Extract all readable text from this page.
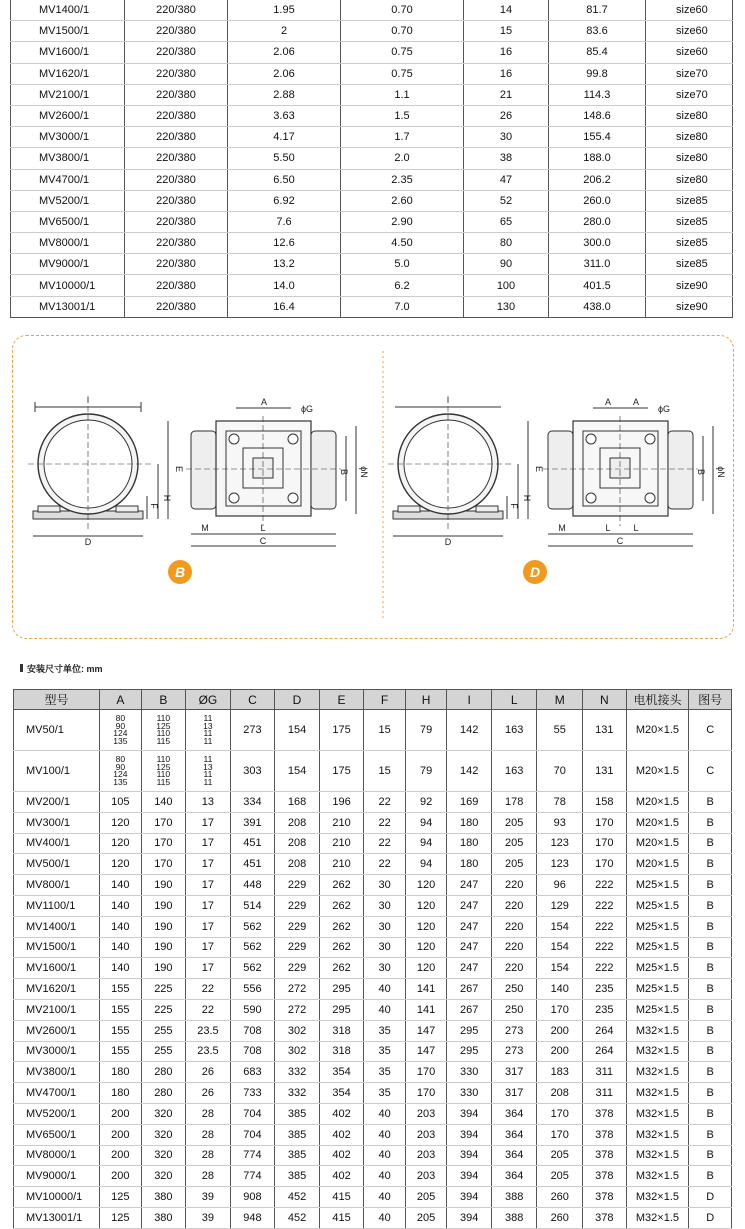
MV1400/1	220/380	1.95	0.70	14	81.7	size60
MV1500/1	220/380	2	0.70	15	83.6	size60
MV1600/1	220/380	2.06	0.75	16	85.4	size60
MV1620/1	220/380	2.06	0.75	16	99.8	size70
MV2100/1	220/380	2.88	1.1	21	114.3	size70
MV2600/1	220/380	3.63	1.5	26	148.6	size80
MV3000/1	220/380	4.17	1.7	30	155.4	size80
MV3800/1	220/380	5.50	2.0	38	188.0	size80
MV4700/1	220/380	6.50	2.35	47	206.2	size80
MV5200/1	220/380	6.92	2.60	52	260.0	size85
MV6500/1	220/380	7.6	2.90	65	280.0	size85
MV8000/1	220/380	12.6	4.50	80	300.0	size85
MV9000/1	220/380	13.2	5.0	90	311.0	size85
MV10000/1	220/380	14.0	6.2	100	401.5	size90
MV13001/1	220/380	16.4	7.0	130	438.0	size90
I
E
H
F
D
A
ϕG
B ϕN
M	L
C
B
I
E
H
F
D
A A
ϕG
B ϕN
M	L	L
C
D
安装尺寸单位: mm
型号	A	B	ØG	C	D	E	F	H	I	L	M	N	电机接头	图号
MV50/1	80
90
124
135	110
125
110
115	11
13
11
11	273	154	175	15	79	142	163	55	131	M20×1.5	C
MV100/1	80
90
124
135	110
125
110
115	11
13
11
11	303	154	175	15	79	142	163	70	131	M20×1.5	C
MV200/1	105	140	13	334	168	196	22	92	169	178	78	158	M20×1.5	B
MV300/1	120	170	17	391	208	210	22	94	180	205	93	170	M20×1.5	B
MV400/1	120	170	17	451	208	210	22	94	180	205	123	170	M20×1.5	B
MV500/1	120	170	17	451	208	210	22	94	180	205	123	170	M20×1.5	B
MV800/1	140	190	17	448	229	262	30	120	247	220	96	222	M25×1.5	B
MV1100/1	140	190	17	514	229	262	30	120	247	220	129	222	M25×1.5	B
MV1400/1	140	190	17	562	229	262	30	120	247	220	154	222	M25×1.5	B
MV1500/1	140	190	17	562	229	262	30	120	247	220	154	222	M25×1.5	B
MV1600/1	140	190	17	562	229	262	30	120	247	220	154	222	M25×1.5	B
MV1620/1	155	225	22	556	272	295	40	141	267	250	140	235	M25×1.5	B
MV2100/1	155	225	22	590	272	295	40	141	267	250	170	235	M25×1.5	B
MV2600/1	155	255	23.5	708	302	318	35	147	295	273	200	264	M32×1.5	B
MV3000/1	155	255	23.5	708	302	318	35	147	295	273	200	264	M32×1.5	B
MV3800/1	180	280	26	683	332	354	35	170	330	317	183	311	M32×1.5	B
MV4700/1	180	280	26	733	332	354	35	170	330	317	208	311	M32×1.5	B
MV5200/1	200	320	28	704	385	402	40	203	394	364	170	378	M32×1.5	B
MV6500/1	200	320	28	704	385	402	40	203	394	364	170	378	M32×1.5	B
MV8000/1	200	320	28	774	385	402	40	203	394	364	205	378	M32×1.5	B
MV9000/1	200	320	28	774	385	402	40	203	394	364	205	378	M32×1.5	B
MV10000/1	125	380	39	908	452	415	40	205	394	388	260	378	M32×1.5	D
MV13001/1	125	380	39	948	452	415	40	205	394	388	260	378	M32×1.5	D
